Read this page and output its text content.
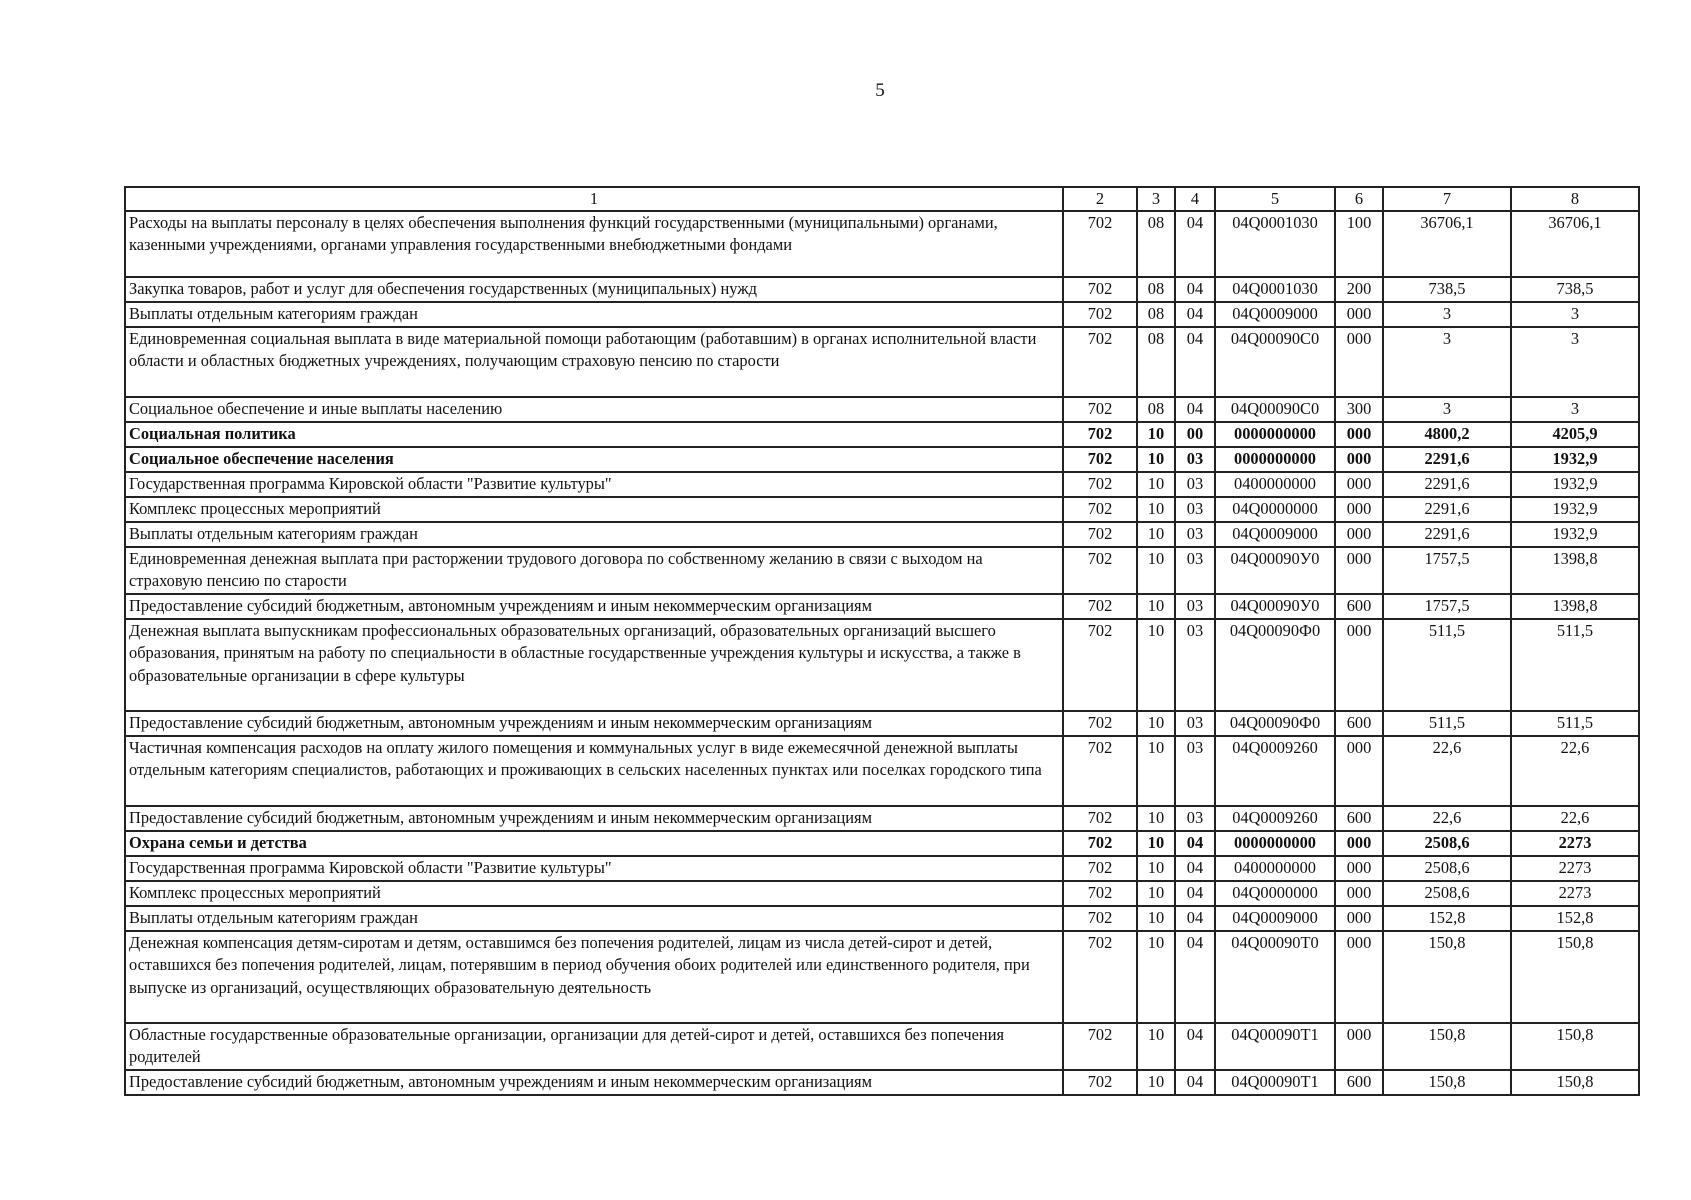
5
1	2	3	4	5	6	7	8
Расходы на выплаты персоналу в целях обеспечения выполнения функций государственными (муниципальными) органами, казенными учреждениями, органами управления государственными внебюджетными фондами	702	08	04	04Q0001030	100	36706,1	36706,1
Закупка товаров, работ и услуг для обеспечения государственных (муниципальных) нужд	702	08	04	04Q0001030	200	738,5	738,5
Выплаты отдельным категориям граждан	702	08	04	04Q0009000	000	3	3
Единовременная социальная выплата в виде материальной помощи работающим (работавшим) в органах исполнительной власти области и областных бюджетных учреждениях, получающим страховую пенсию по старости	702	08	04	04Q00090C0	000	3	3
Социальное обеспечение и иные выплаты населению	702	08	04	04Q00090C0	300	3	3
Социальная политика	702	10	00	0000000000	000	4800,2	4205,9
Социальное обеспечение населения	702	10	03	0000000000	000	2291,6	1932,9
Государственная программа Кировской области "Развитие культуры"	702	10	03	0400000000	000	2291,6	1932,9
Комплекс процессных мероприятий	702	10	03	04Q0000000	000	2291,6	1932,9
Выплаты отдельным категориям граждан	702	10	03	04Q0009000	000	2291,6	1932,9
Единовременная денежная выплата при расторжении трудового договора по собственному желанию в связи с выходом на страховую пенсию по старости	702	10	03	04Q00090У0	000	1757,5	1398,8
Предоставление субсидий бюджетным, автономным учреждениям и иным некоммерческим организациям	702	10	03	04Q00090У0	600	1757,5	1398,8
Денежная выплата выпускникам профессиональных образовательных организаций, образовательных организаций высшего образования, принятым на работу по специальности в областные государственные учреждения культуры и искусства, а также в образовательные организации в сфере культуры	702	10	03	04Q00090Ф0	000	511,5	511,5
Предоставление субсидий бюджетным, автономным учреждениям и иным некоммерческим организациям	702	10	03	04Q00090Ф0	600	511,5	511,5
Частичная компенсация расходов на оплату жилого помещения и коммунальных услуг в виде ежемесячной денежной выплаты отдельным категориям специалистов, работающих и проживающих в сельских населенных пунктах или поселках городского типа	702	10	03	04Q0009260	000	22,6	22,6
Предоставление субсидий бюджетным, автономным учреждениям и иным некоммерческим организациям	702	10	03	04Q0009260	600	22,6	22,6
Охрана семьи и детства	702	10	04	0000000000	000	2508,6	2273
Государственная программа Кировской области "Развитие культуры"	702	10	04	0400000000	000	2508,6	2273
Комплекс процессных мероприятий	702	10	04	04Q0000000	000	2508,6	2273
Выплаты отдельным категориям граждан	702	10	04	04Q0009000	000	152,8	152,8
Денежная компенсация детям-сиротам и детям, оставшимся без попечения родителей, лицам из числа детей-сирот и детей, оставшихся без попечения родителей, лицам, потерявшим в период обучения обоих родителей или единственного родителя, при выпуске из организаций, осуществляющих образовательную деятельность	702	10	04	04Q00090Т0	000	150,8	150,8
Областные государственные образовательные организации, организации для детей-сирот и детей, оставшихся без попечения родителей	702	10	04	04Q00090Т1	000	150,8	150,8
Предоставление субсидий бюджетным, автономным учреждениям и иным некоммерческим организациям	702	10	04	04Q00090Т1	600	150,8	150,8
